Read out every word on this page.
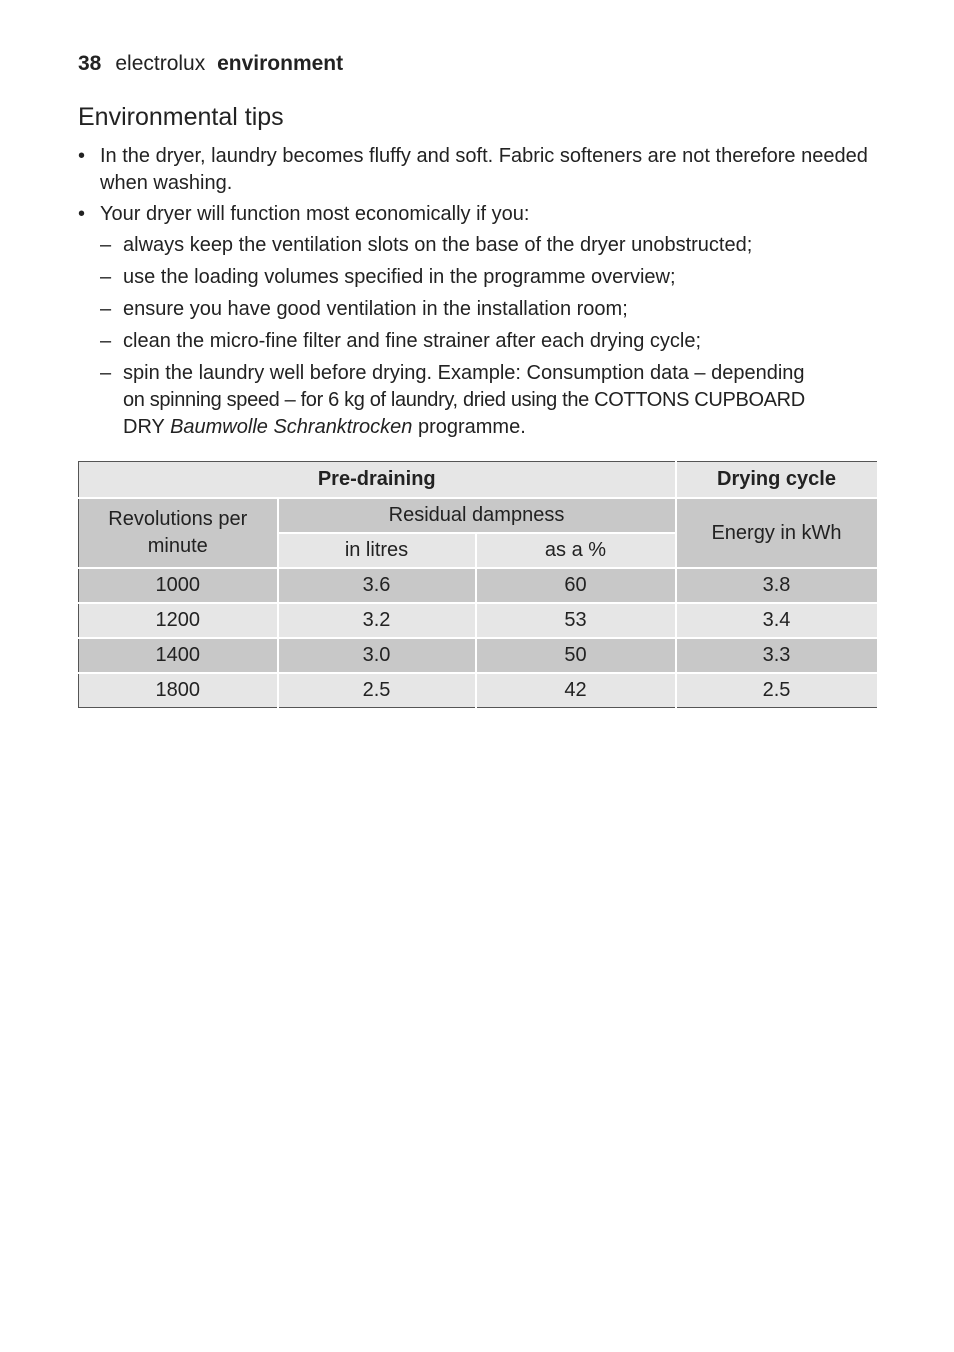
38 electrolux environment
Environmental tips
• In the dryer, laundry becomes fluffy and soft. Fabric softeners are not therefore needed when washing.
• Your dryer will function most economically if you:
– always keep the ventilation slots on the base of the dryer unobstructed;
– use the loading volumes specified in the programme overview;
– ensure you have good ventilation in the installation room;
– clean the micro-fine filter and fine strainer after each drying cycle;
– spin the laundry well before drying. Example: Consumption data – depending
on spinning speed – for 6 kg of laundry, dried using the COTTONS CUPBOARD
DRY Baumwolle Schranktrocken programme.
Pre-draining			Drying cycle
Revolutions per minute	Residual dampness		Energy in kWh
	in litres	as a %	
1000	3.6	60	3.8
1200	3.2	53	3.4
1400	3.0	50	3.3
1800	2.5	42	2.5
